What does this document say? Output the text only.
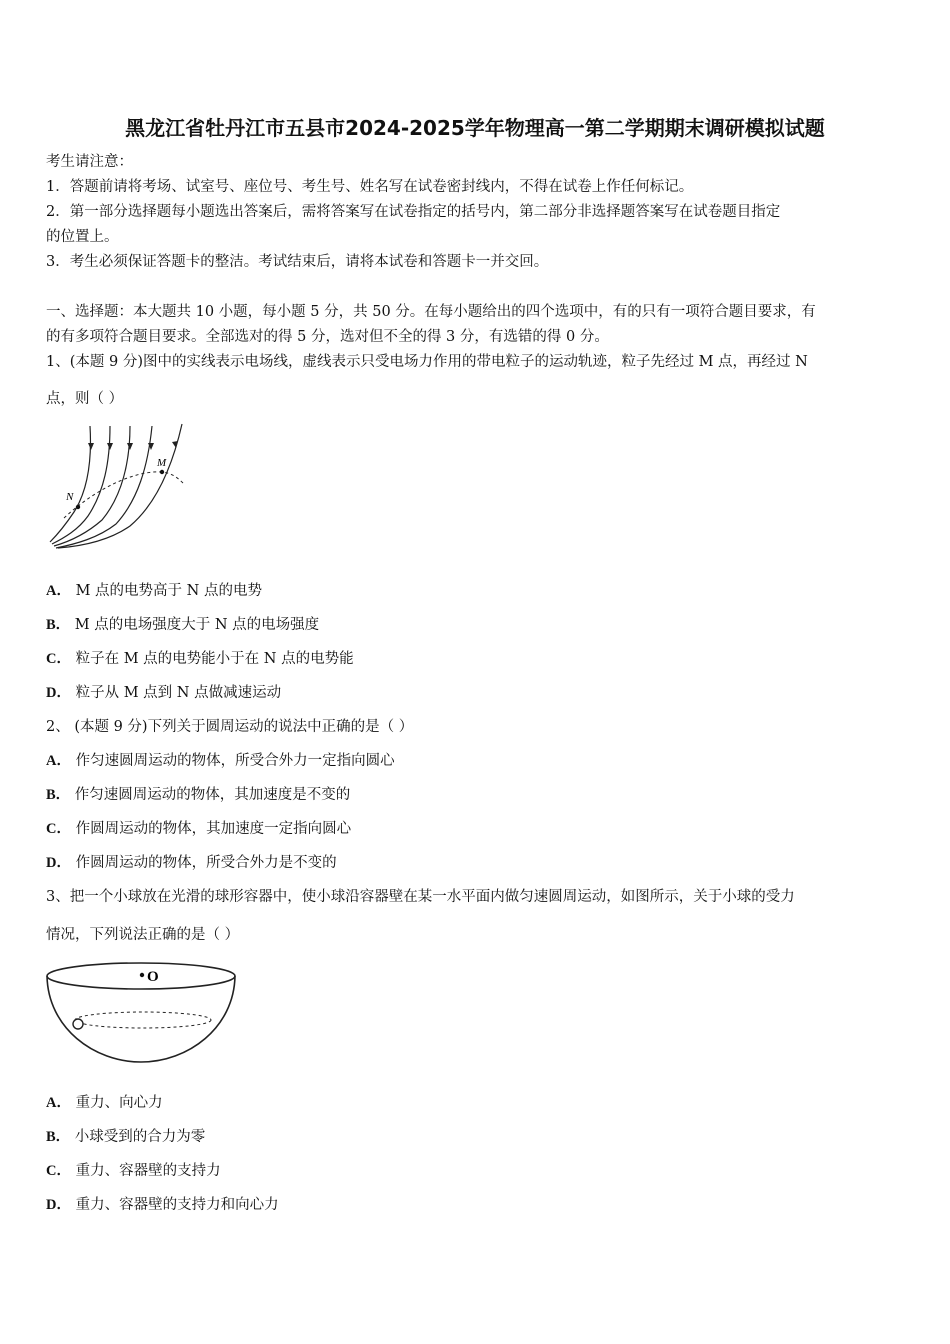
黑龙江省牡丹江市五县市2024-2025学年物理高一第二学期期末调研模拟试题
考生请注意：
1．答题前请将考场、试室号、座位号、考生号、姓名写在试卷密封线内，不得在试卷上作任何标记。
2．第一部分选择题每小题选出答案后，需将答案写在试卷指定的括号内，第二部分非选择题答案写在试卷题目指定
的位置上。
3．考生必须保证答题卡的整洁。考试结束后，请将本试卷和答题卡一并交回。
一、选择题：本大题共 10 小题，每小题 5 分，共 50 分。在每小题给出的四个选项中，有的只有一项符合题目要求，有
的有多项符合题目要求。全部选对的得 5 分，选对但不全的得 3 分，有选错的得 0 分。
1、(本题 9 分)图中的实线表示电场线，虚线表示只受电场力作用的带电粒子的运动轨迹，粒子先经过 M 点，再经过 N
点，则（ ）
M
N
A． M 点的电势高于 N 点的电势
B． M 点的电场强度大于 N 点的电场强度
C． 粒子在 M 点的电势能小于在 N 点的电势能
D． 粒子从 M 点到 N 点做减速运动
2、 (本题 9 分)下列关于圆周运动的说法中正确的是（ ）
A． 作匀速圆周运动的物体，所受合外力一定指向圆心
B． 作匀速圆周运动的物体，其加速度是不变的
C． 作圆周运动的物体，其加速度一定指向圆心
D． 作圆周运动的物体，所受合外力是不变的
3、把一个小球放在光滑的球形容器中，使小球沿容器壁在某一水平面内做匀速圆周运动，如图所示，关于小球的受力
情况，下列说法正确的是（ ）
O
A． 重力、向心力
B． 小球受到的合力为零
C． 重力、容器壁的支持力
D． 重力、容器壁的支持力和向心力
